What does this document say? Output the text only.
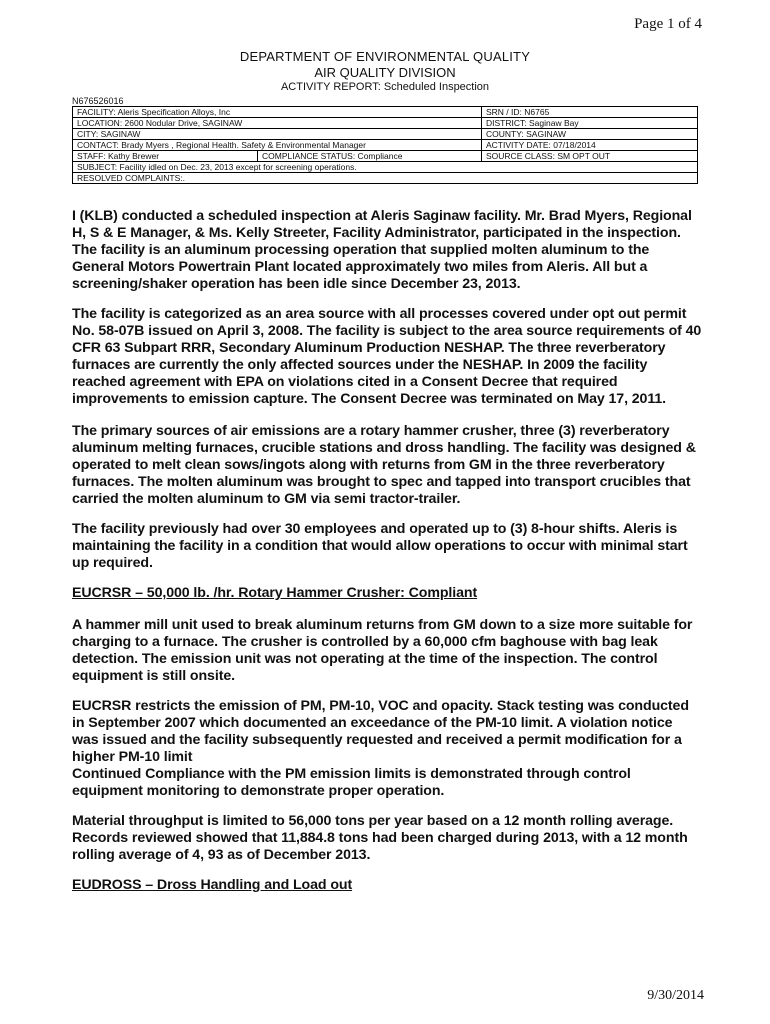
Page 1 of 4
DEPARTMENT OF ENVIRONMENTAL QUALITY
AIR QUALITY DIVISION
ACTIVITY REPORT: Scheduled Inspection
N676526016
FACILITY: Aleris Specification Alloys, Inc	SRN / ID: N6765
LOCATION: 2600 Nodular Drive, SAGINAW	DISTRICT: Saginaw Bay
CITY: SAGINAW	COUNTY: SAGINAW
CONTACT: Brady Myers , Regional Health. Safety & Environmental Manager	ACTIVITY DATE: 07/18/2014

STAFF: Kathy Brewer COMPLIANCE STATUS: Compliance	SOURCE CLASS: SM OPT OUT
SUBJECT: Facility idled on Dec. 23, 2013 except for screening operations.	
RESOLVED COMPLAINTS:.	

I (KLB) conducted a scheduled inspection at Aleris Saginaw facility. Mr. Brad Myers, Regional H, S & E Manager, & Ms. Kelly Streeter, Facility Administrator, participated in the inspection. The facility is an aluminum processing operation that supplied molten aluminum to the General Motors Powertrain Plant located approximately two miles from Aleris. All but a screening/shaker operation has been idle since December 23, 2013.

The facility is categorized as an area source with all processes covered under opt out permit No. 58-07B issued on April 3, 2008. The facility is subject to the area source requirements of 40 CFR 63 Subpart RRR, Secondary Aluminum Production NESHAP. The three reverberatory furnaces are currently the only affected sources under the NESHAP. In 2009 the facility reached agreement with EPA on violations cited in a Consent Decree that required improvements to emission capture. The Consent Decree was terminated on May 17, 2011.

The primary sources of air emissions are a rotary hammer crusher, three (3) reverberatory aluminum melting furnaces, crucible stations and dross handling. The facility was designed & operated to melt clean sows/ingots along with returns from GM in the three reverberatory furnaces. The molten aluminum was brought to spec and tapped into transport crucibles that carried the molten aluminum to GM via semi tractor-trailer.

The facility previously had over 30 employees and operated up to (3) 8-hour shifts. Aleris is maintaining the facility in a condition that would allow operations to occur with minimal start up required.

EUCRSR – 50,000 lb. /hr. Rotary Hammer Crusher: Compliant

A hammer mill unit used to break aluminum returns from GM down to a size more suitable for charging to a furnace. The crusher is controlled by a 60,000 cfm baghouse with bag leak detection. The emission unit was not operating at the time of the inspection. The control equipment is still onsite.

EUCRSR restricts the emission of PM, PM-10, VOC and opacity. Stack testing was conducted in September 2007 which documented an exceedance of the PM-10 limit. A violation notice was issued and the facility subsequently requested and received a permit modification for a higher PM-10 limit

Continued Compliance with the PM emission limits is demonstrated through control equipment monitoring to demonstrate proper operation.

Material throughput is limited to 56,000 tons per year based on a 12 month rolling average. Records reviewed showed that 11,884.8 tons had been charged during 2013, with a 12 month rolling average of 4, 93 as of December 2013.

EUDROSS – Dross Handling and Load out

9/30/2014
